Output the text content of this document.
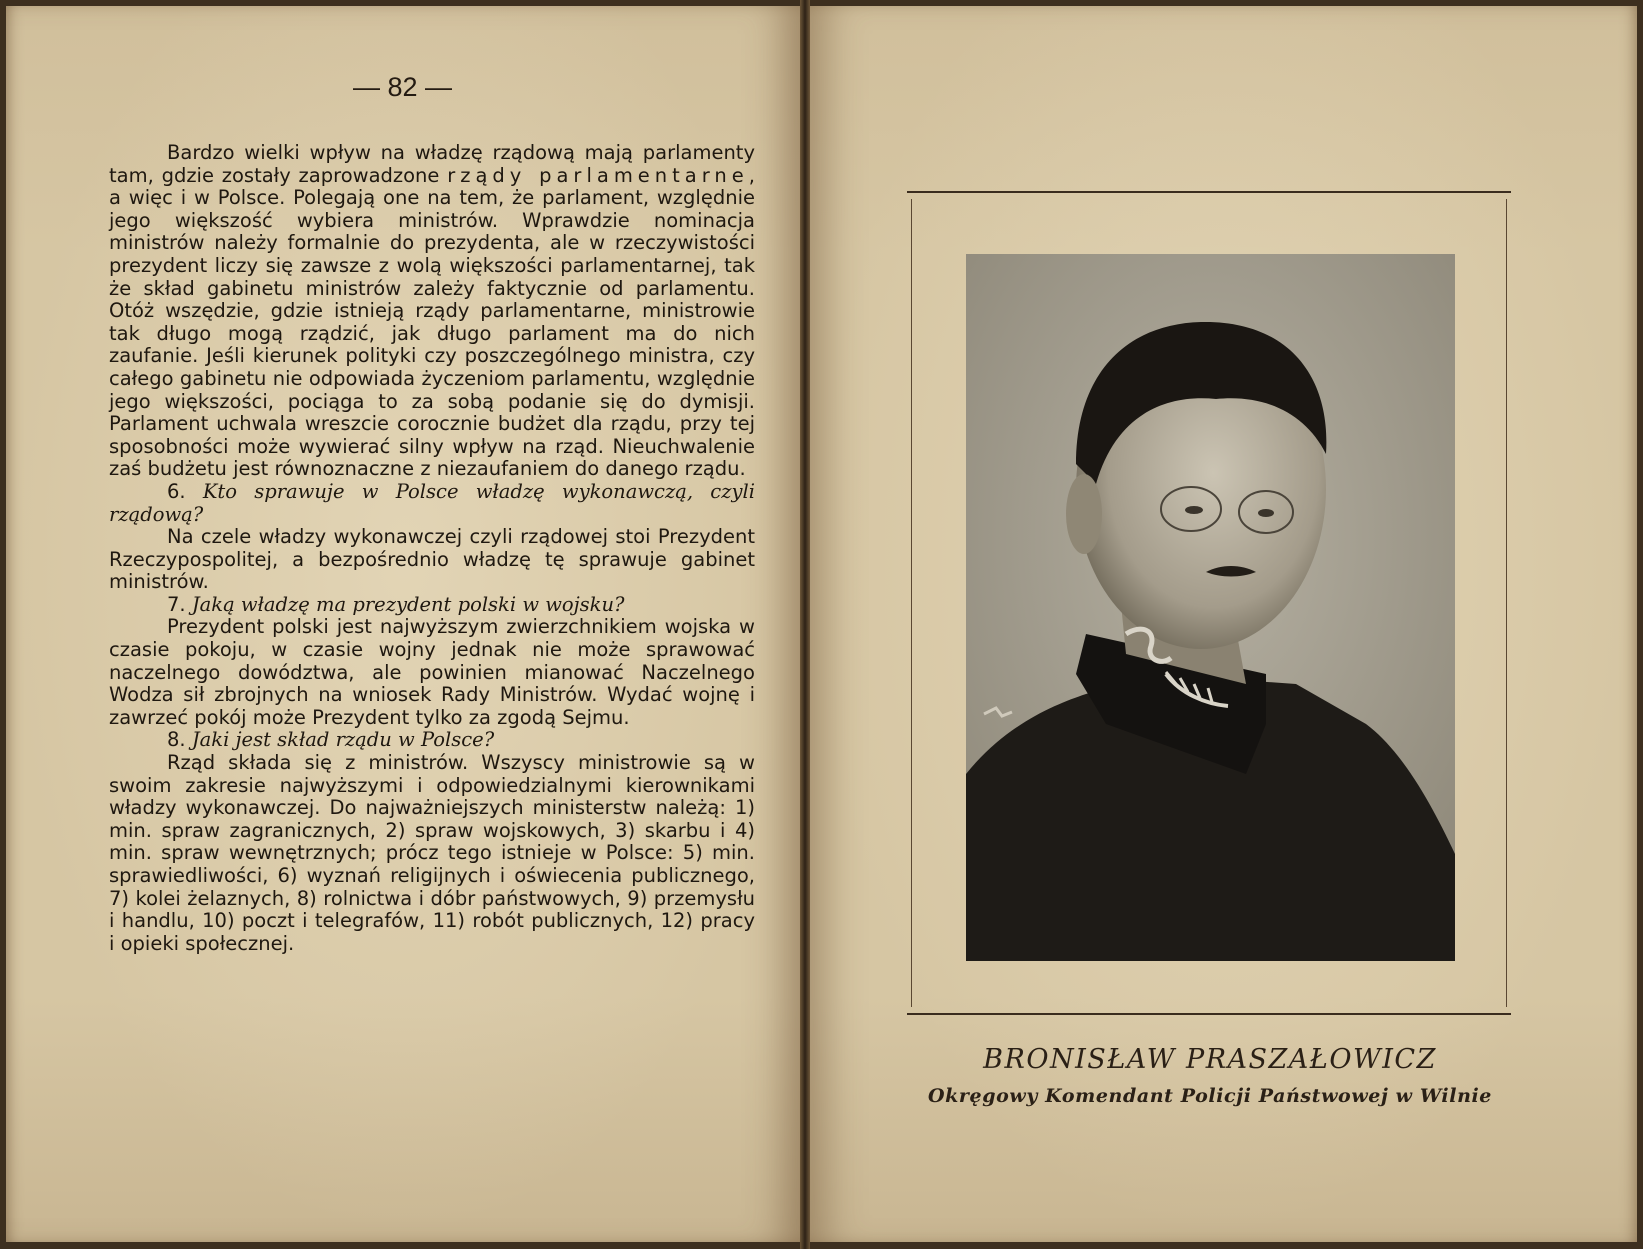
— 82 —

Bardzo wielki wpływ na władzę rządową mają parlamenty tam, gdzie zostały zaprowadzone rządy parlamentarne, a więc i w Polsce. Polegają one na tem, że parlament, względnie jego większość wybiera ministrów. Wprawdzie nominacja ministrów należy formalnie do prezydenta, ale w rzeczywistości prezydent liczy się zawsze z wolą większości parlamentarnej, tak że skład gabinetu ministrów zależy faktycznie od parlamentu. Otóż wszędzie, gdzie istnieją rządy parlamentarne, ministrowie tak długo mogą rządzić, jak długo parlament ma do nich zaufanie. Jeśli kierunek polityki czy poszczególnego ministra, czy całego gabinetu nie odpowiada życzeniom parlamentu, względnie jego większości, pociąga to za sobą podanie się do dymisji. Parlament uchwala wreszcie corocznie budżet dla rządu, przy tej sposobności może wywierać silny wpływ na rząd. Nieuchwalenie zaś budżetu jest równoznaczne z niezaufaniem do danego rządu.

6. Kto sprawuje w Polsce władzę wykonawczą, czyli rządową?

Na czele władzy wykonawczej czyli rządowej stoi Prezydent Rzeczypospolitej, a bezpośrednio władzę tę sprawuje gabinet ministrów.

7. Jaką władzę ma prezydent polski w wojsku?

Prezydent polski jest najwyższym zwierzchnikiem wojska w czasie pokoju, w czasie wojny jednak nie może sprawować naczelnego dowództwa, ale powinien mianować Naczelnego Wodza sił zbrojnych na wniosek Rady Ministrów. Wydać wojnę i zawrzeć pokój może Prezydent tylko za zgodą Sejmu.

8. Jaki jest skład rządu w Polsce?

Rząd składa się z ministrów. Wszyscy ministrowie są w swoim zakresie najwyższymi i odpowiedzialnymi kierownikami władzy wykonawczej. Do najważniejszych ministerstw należą: 1) min. spraw zagranicznych, 2) spraw wojskowych, 3) skarbu i 4) min. spraw wewnętrznych; prócz tego istnieje w Polsce: 5) min. sprawiedliwości, 6) wyznań religijnych i oświecenia publicznego, 7) kolei żelaznych, 8) rolnictwa i dóbr państwowych, 9) przemysłu i handlu, 10) poczt i telegrafów, 11) robót publicznych, 12) pracy i opieki społecznej.

BRONISŁAW PRASZAŁOWICZ
Okręgowy Komendant Policji Państwowej w Wilnie
